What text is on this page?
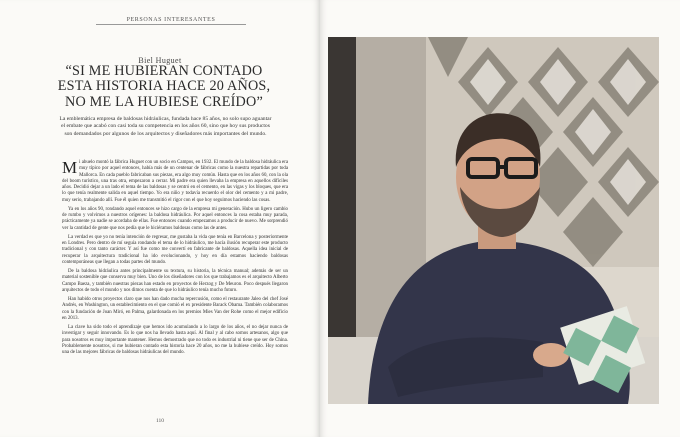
PERSONAS INTERESANTES
Biel Huguet
“SI ME HUBIERAN CONTADO
ESTA HISTORIA HACE 20 AÑOS,
NO ME LA HUBIESE CREÍDO”
La emblemática empresa de baldosas hidráulicas, fundada hace 85 años, no solo supo aguantar el embate que acabó con casi toda su competencia en los años 60, sino que hoy sus productos son demandados por algunos de los arquitectos y diseñadores más importantes del mundo.

Mi abuelo montó la fábrica Huguet con un socio en Campos, en 1932. El mundo de la baldosa hidráulica era muy típico por aquel entonces, había más de un centenar de fábricas como la nuestra repartidas por toda Mallorca. En cada pueblo fabricaban sus piezas, era algo muy común. Hasta que en los años 60, con la ola del boom turístico, una tras otra, empezaron a cerrar. Mi padre era quien llevaba la empresa en aquellos difíciles años. Decidió dejar a un lado el tema de las baldosas y se centró en el cemento, en las vigas y los bloques, que era lo que tenía realmente salida en aquel tiempo. Yo era niño y todavía recuerdo el olor del cemento y a mi padre, muy serio, trabajando allí. Fue él quien me transmitió el rigor con el que hoy seguimos haciendo las cosas.

Ya en los años 90, rondando aquel entonces se hizo cargo de la empresa mi generación. Hubo un ligero cambio de rumbo y volvimos a nuestros orígenes: la baldosa hidráulica. Por aquel entonces la cosa estaba muy parada, prácticamente ya nadie se acordaba de ellas. Fue entonces cuando empezamos a producir de nuevo. Me sorprendió ver la cantidad de gente que nos pedía que le hiciéramos baldosas como las de antes.

La verdad es que yo no tenía intención de regresar, me gustaba la vida que tenía en Barcelona y posteriormente en Londres. Pero dentro de mí seguía rondando el tema de lo hidráulico, me hacía ilusión recuperar este producto tradicional y con tanto carácter. Y así fue como me convertí en fabricante de baldosas. Aquella idea inicial de recuperar la arquitectura tradicional ha ido evolucionando, y hoy en día estamos haciendo baldosas contemporáneas que llegan a todas partes del mundo.

De la baldosa hidráulica antes principalmente su textura, su historia, la técnica manual; además de ser un material sostenible que conserva muy bien. Uno de los diseñadores con los que trabajamos es el arquitecto Alberto Campo Baeza, y también nuestras piezas han estado en proyectos de Herzog y De Meuron. Poco después llegaron arquitectos de todo el mundo y nos dimos cuenta de que lo hidráulico tenía mucho futuro.

Han habido otros proyectos claro que nos han dado mucha repercusión, como el restaurante Jaleo del chef José Andrés, en Washington, un establecimiento en el que comió el ex presidente Barack Obama. También colaboramos con la fundación de Joan Miró, en Palma, galardonada en los premios Mies Van der Rohe como el mejor edificio en 2013.

La clave ha sido todo el aprendizaje que hemos ido acumulando a lo largo de los años, el no dejar nunca de investigar y seguir innovando. Es lo que nos ha llevado hasta aquí. Al final y al cabo somos artesanos, algo que para nosotros es muy importante mantener. Hemos demostrado que no todo es industrial ni tiene que ser de China. Probablemente nosotros, si me hubieran contado esta historia hace 20 años, no me la hubiese creído. Hoy somos una de las mejores fábricas de baldosas hidráulicas del mundo.

110
